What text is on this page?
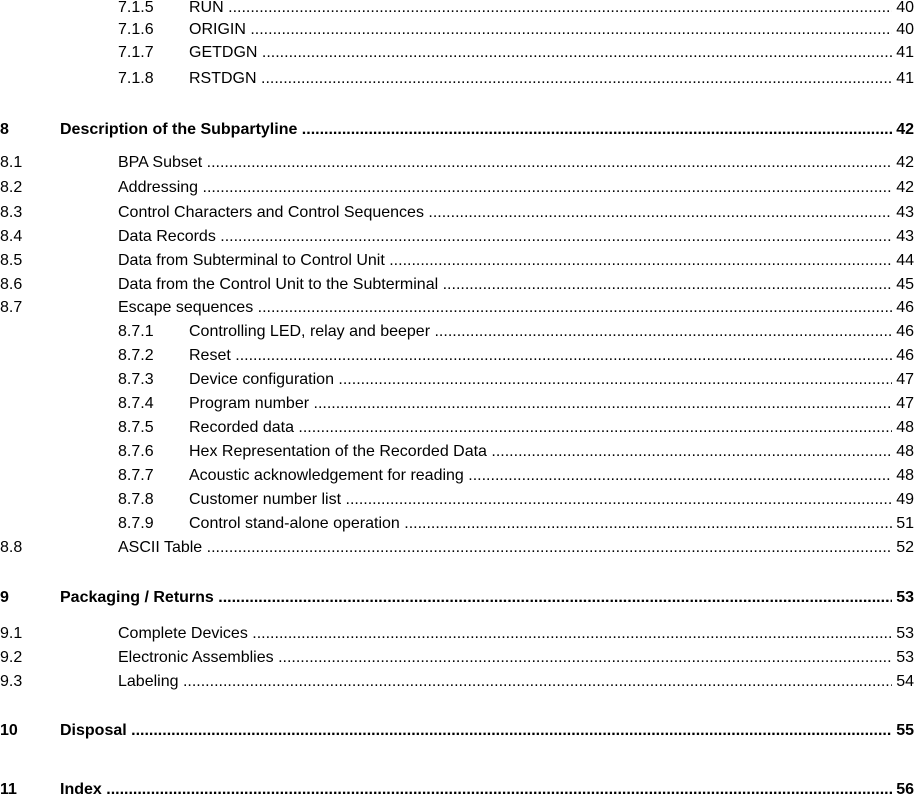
7.1.5 RUN .....	40
7.1.6 ORIGIN .....	40
7.1.7 GETDGN .....	41
7.1.8 RSTDGN .....	41
8	Description of the Subpartyline .....	42
8.1	BPA Subset .....	42
8.2	Addressing .....	42
8.3	Control Characters and Control Sequences .....	43
8.4	Data Records .....	43
8.5	Data from Subterminal to Control Unit .....	44
8.6	Data from the Control Unit to the Subterminal .....	45
8.7	Escape sequences .....	46
8.7.1 Controlling LED, relay and beeper .....	46
8.7.2 Reset .....	46
8.7.3 Device configuration .....	47
8.7.4 Program number .....	47
8.7.5 Recorded data .....	48
8.7.6 Hex Representation of the Recorded Data .....	48
8.7.7 Acoustic acknowledgement for reading .....	48
8.7.8 Customer number list .....	49
8.7.9 Control stand-alone operation .....	51
8.8	ASCII Table .....	52
9	Packaging / Returns .....	53
9.1	Complete Devices .....	53
9.2	Electronic Assemblies .....	53
9.3	Labeling .....	54
10	Disposal .....	55
11	Index .....	56
